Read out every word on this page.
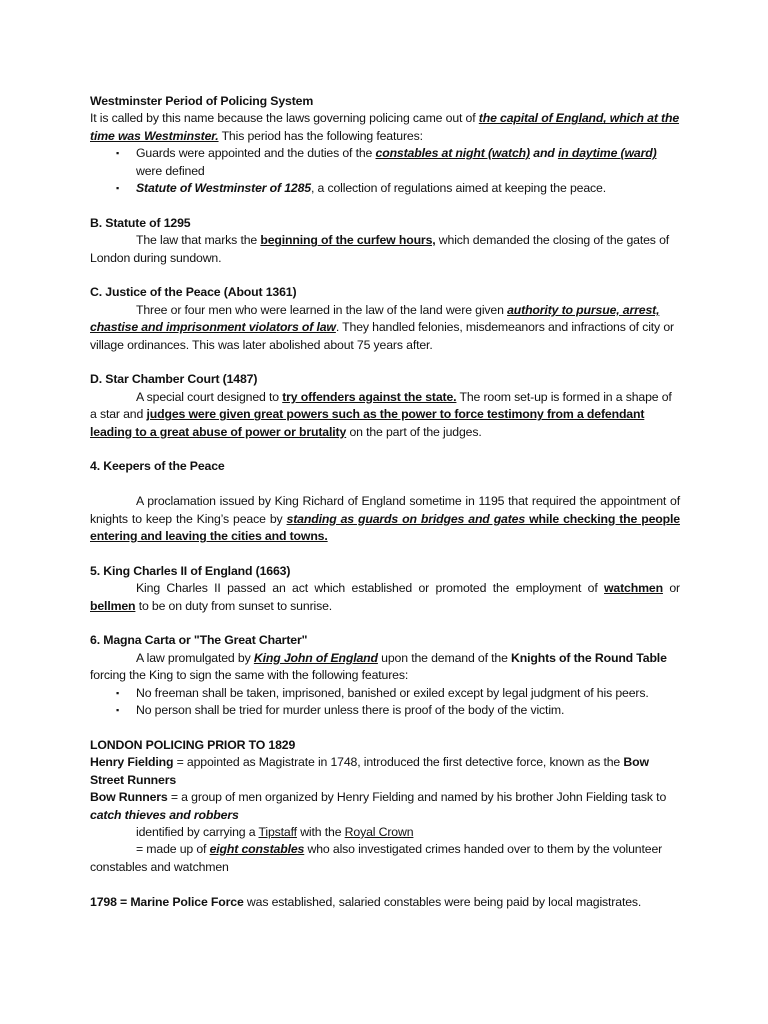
Westminster Period of Policing System

It is called by this name because the laws governing policing came out of the capital of England, which at the time was Westminster. This period has the following features:

▪ Guards were appointed and the duties of the constables at night (watch) and in daytime (ward) were defined
▪ Statute of Westminster of 1285, a collection of regulations aimed at keeping the peace.

B. Statute of 1295

The law that marks the beginning of the curfew hours, which demanded the closing of the gates of London during sundown.

C. Justice of the Peace (About 1361)

Three or four men who were learned in the law of the land were given authority to pursue, arrest, chastise and imprisonment violators of law. They handled felonies, misdemeanors and infractions of city or village ordinances. This was later abolished about 75 years after.

D. Star Chamber Court (1487)

A special court designed to try offenders against the state. The room set-up is formed in a shape of a star and judges were given great powers such as the power to force testimony from a defendant leading to a great abuse of power or brutality on the part of the judges.

4. Keepers of the Peace

A proclamation issued by King Richard of England sometime in 1195 that required the appointment of knights to keep the King’s peace by standing as guards on bridges and gates while checking the people entering and leaving the cities and towns.

5. King Charles II of England (1663)

King Charles II passed an act which established or promoted the employment of watchmen or bellmen to be on duty from sunset to sunrise.

6. Magna Carta or "The Great Charter"

A law promulgated by King John of England upon the demand of the Knights of the Round Table forcing the King to sign the same with the following features:

▪ No freeman shall be taken, imprisoned, banished or exiled except by legal judgment of his peers.
▪ No person shall be tried for murder unless there is proof of the body of the victim.

LONDON POLICING PRIOR TO 1829

Henry Fielding = appointed as Magistrate in 1748, introduced the first detective force, known as the Bow Street Runners

Bow Runners = a group of men organized by Henry Fielding and named by his brother John Fielding task to catch thieves and robbers

identified by carrying a Tipstaff with the Royal Crown

= made up of eight constables who also investigated crimes handed over to them by the volunteer constables and watchmen

1798 = Marine Police Force was established, salaried constables were being paid by local magistrates.
